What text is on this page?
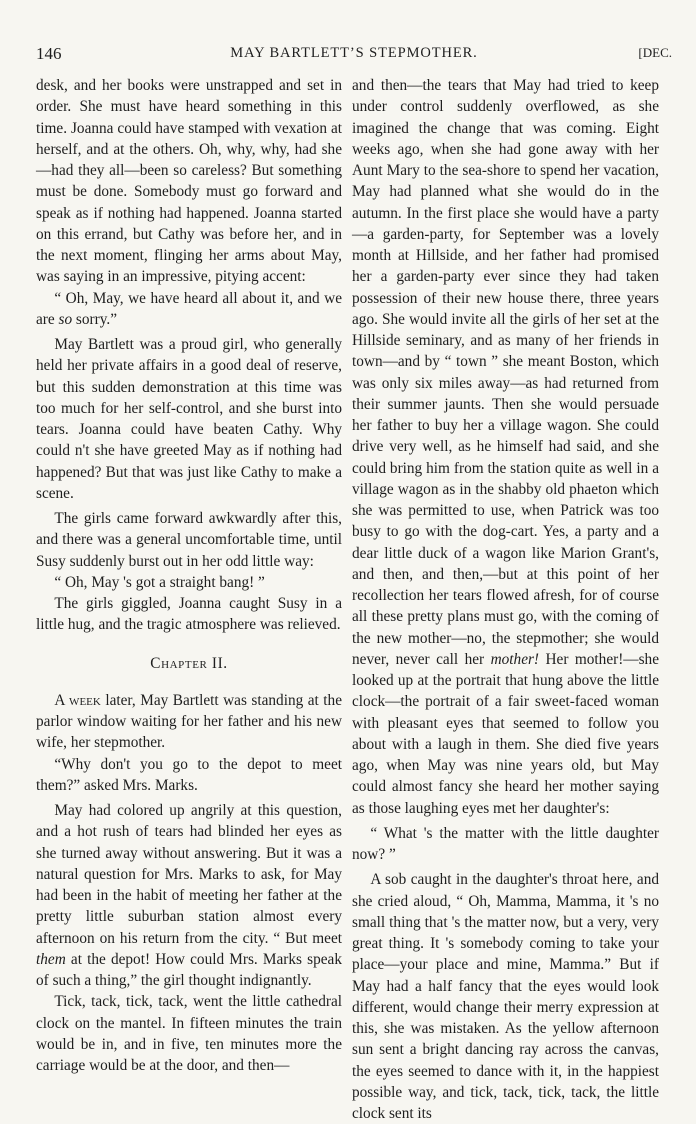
146	MAY BARTLETT’S STEPMOTHER.	[DEC.

desk, and her books were unstrapped and set in order. She must have heard something in this time. Joanna could have stamped with vexation at herself, and at the others. Oh, why, why, had she—had they all—been so careless? But something must be done. Somebody must go forward and speak as if nothing had happened. Joanna started on this errand, but Cathy was before her, and in the next moment, flinging her arms about May, was saying in an impressive, pitying accent:

“ Oh, May, we have heard all about it, and we are so sorry.”

May Bartlett was a proud girl, who generally held her private affairs in a good deal of reserve, but this sudden demonstration at this time was too much for her self-control, and she burst into tears. Joanna could have beaten Cathy. Why could n't she have greeted May as if nothing had happened? But that was just like Cathy to make a scene.

The girls came forward awkwardly after this, and there was a general uncomfortable time, until Susy suddenly burst out in her odd little way:

“ Oh, May 's got a straight bang! ”

The girls giggled, Joanna caught Susy in a little hug, and the tragic atmosphere was relieved.

Chapter II.

A week later, May Bartlett was standing at the parlor window waiting for her father and his new wife, her stepmother.

“Why don't you go to the depot to meet them?” asked Mrs. Marks.

May had colored up angrily at this question, and a hot rush of tears had blinded her eyes as she turned away without answering. But it was a natural question for Mrs. Marks to ask, for May had been in the habit of meeting her father at the pretty little suburban station almost every afternoon on his return from the city. “ But meet them at the depot! How could Mrs. Marks speak of such a thing,” the girl thought indignantly.

Tick, tack, tick, tack, went the little cathedral clock on the mantel. In fifteen minutes the train would be in, and in five, ten minutes more the carriage would be at the door, and then—

and then—the tears that May had tried to keep under control suddenly overflowed, as she imagined the change that was coming. Eight weeks ago, when she had gone away with her Aunt Mary to the sea-shore to spend her vacation, May had planned what she would do in the autumn. In the first place she would have a party—a garden-party, for September was a lovely month at Hillside, and her father had promised her a garden-party ever since they had taken possession of their new house there, three years ago. She would invite all the girls of her set at the Hillside seminary, and as many of her friends in town—and by “ town ” she meant Boston, which was only six miles away—as had returned from their summer jaunts. Then she would persuade her father to buy her a village wagon. She could drive very well, as he himself had said, and she could bring him from the station quite as well in a village wagon as in the shabby old phaeton which she was permitted to use, when Patrick was too busy to go with the dog-cart. Yes, a party and a dear little duck of a wagon like Marion Grant's, and then, and then,—but at this point of her recollection her tears flowed afresh, for of course all these pretty plans must go, with the coming of the new mother—no, the stepmother; she would never, never call her mother! Her mother!—she looked up at the portrait that hung above the little clock—the portrait of a fair sweet-faced woman with pleasant eyes that seemed to follow you about with a laugh in them. She died five years ago, when May was nine years old, but May could almost fancy she heard her mother saying as those laughing eyes met her daughter's:

“ What 's the matter with the little daughter now? ”

A sob caught in the daughter's throat here, and she cried aloud, “ Oh, Mamma, Mamma, it 's no small thing that 's the matter now, but a very, very great thing. It 's somebody coming to take your place—your place and mine, Mamma.” But if May had a half fancy that the eyes would look different, would change their merry expression at this, she was mistaken. As the yellow afternoon sun sent a bright dancing ray across the canvas, the eyes seemed to dance with it, in the happiest possible way, and tick, tack, tick, tack, the little clock sent its
